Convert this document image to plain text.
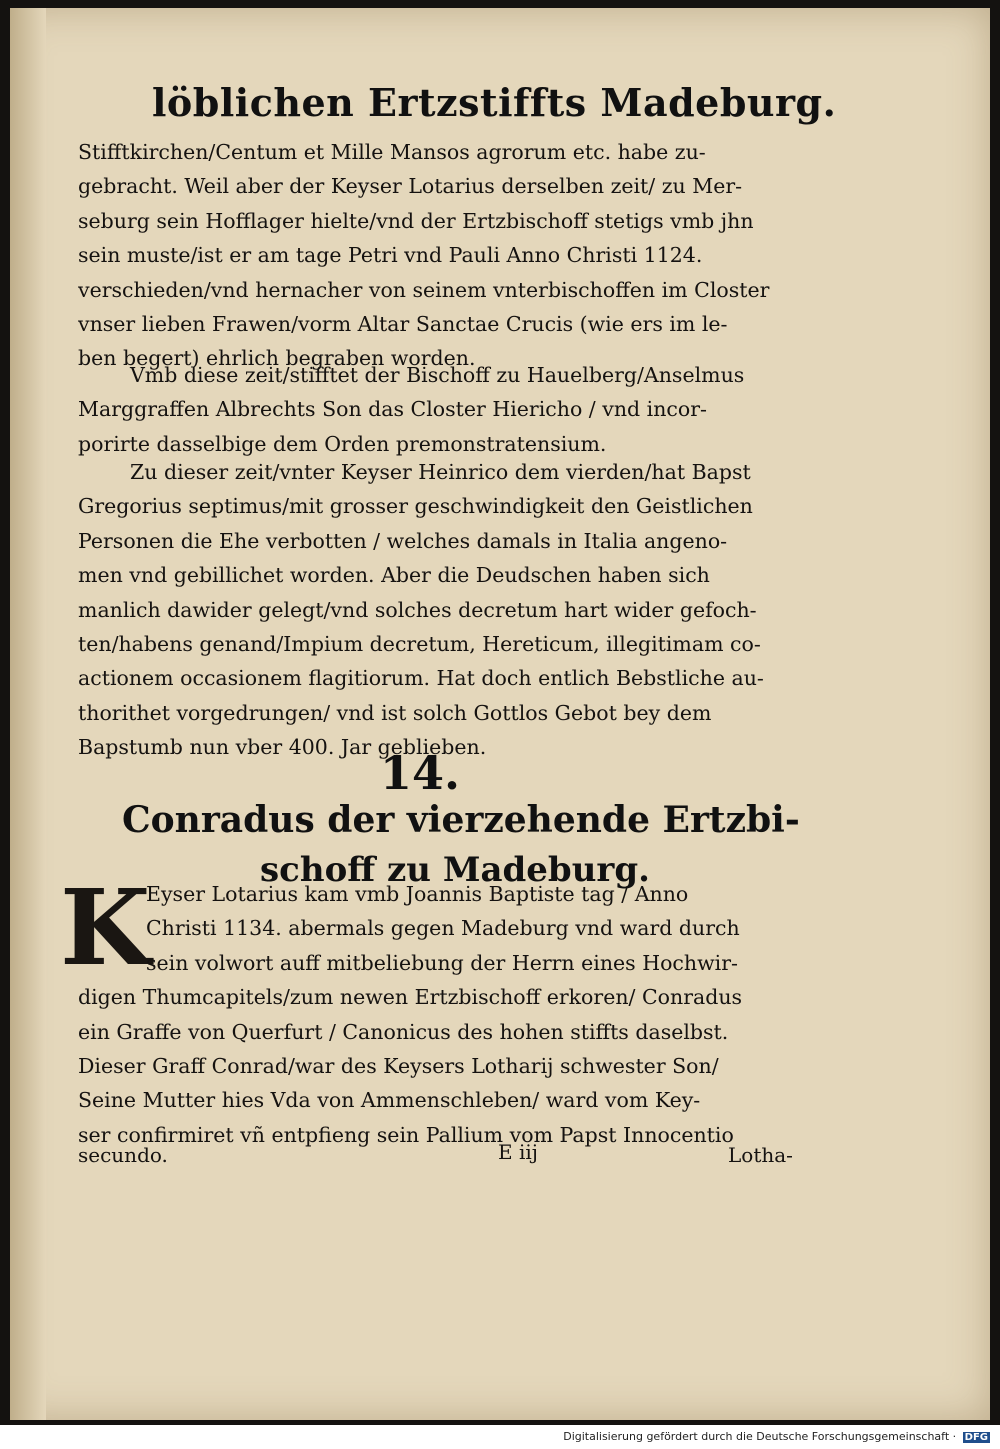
löblichen Ertzstiffts Madeburg.
Stifftkirchen/Centum et Mille Mansos agrorum etc. habe zu-
gebracht. Weil aber der Keyser Lotarius derselben zeit/ zu Mer-
seburg sein Hofflager hielte/vnd der Ertzbischoff stetigs vmb jhn
sein muste/ist er am tage Petri vnd Pauli Anno Christi 1124.
verschieden/vnd hernacher von seinem vnterbischoffen im Closter
vnser lieben Frawen/vorm Altar Sanctae Crucis (wie ers im le-
ben begert) ehrlich begraben worden.
Vmb diese zeit/stifftet der Bischoff zu Hauelberg/Anselmus
Marggraffen Albrechts Son das Closter Hiericho / vnd incor-
porirte dasselbige dem Orden premonstratensium.
Zu dieser zeit/vnter Keyser Heinrico dem vierden/hat Bapst
Gregorius septimus/mit grosser geschwindigkeit den Geistlichen
Personen die Ehe verbotten / welches damals in Italia angeno-
men vnd gebillichet worden. Aber die Deudschen haben sich
manlich dawider gelegt/vnd solches decretum hart wider gefoch-
ten/habens genand/Impium decretum, Hereticum, illegitimam co-
actionem occasionem flagitiorum. Hat doch entlich Bebstliche au-
thorithet vorgedrungen/ vnd ist solch Gottlos Gebot bey dem
Bapstumb nun vber 400. Jar geblieben.
14.
Conradus der vierzehende Ertzbi-
schoff zu Madeburg.
K
Eyser Lotarius kam vmb Joannis Baptiste tag / Anno
Christi 1134. abermals gegen Madeburg vnd ward durch
sein volwort auff mitbeliebung der Herrn eines Hochwir-
digen Thumcapitels/zum newen Ertzbischoff erkoren/ Conradus
ein Graffe von Querfurt / Canonicus des hohen stiffts daselbst.
Dieser Graff Conrad/war des Keysers Lotharij schwester Son/
Seine Mutter hies Vda von Ammenschleben/ ward vom Key-
ser confirmiret vñ entpfieng sein Pallium vom Papst Innocentio
secundo.	E iij	Lotha-
Digitalisierung gefördert durch die Deutsche Forschungsgemeinschaft · DFG
